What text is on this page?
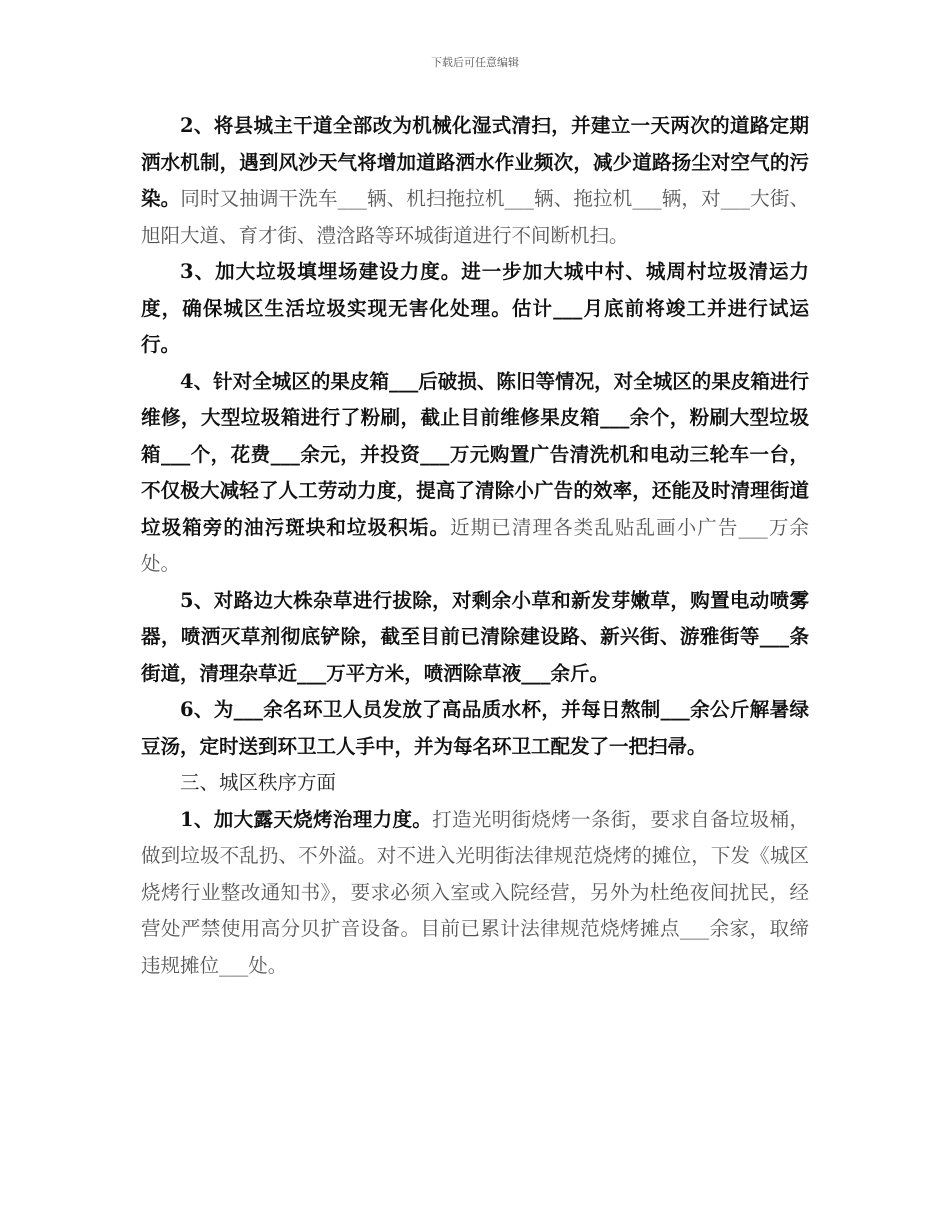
下载后可任意编辑

2、将县城主干道全部改为机械化湿式清扫，并建立一天两次的道路定期洒水机制，遇到风沙天气将增加道路洒水作业频次，减少道路扬尘对空气的污染。同时又抽调干洗车___辆、机扫拖拉机___辆、拖拉机___辆，对___大街、旭阳大道、育才街、澧浛路等环城街道进行不间断机扫。

3、加大垃圾填埋场建设力度。进一步加大城中村、城周村垃圾清运力度，确保城区生活垃圾实现无害化处理。估计___月底前将竣工并进行试运行。

4、针对全城区的果皮箱___后破损、陈旧等情况，对全城区的果皮箱进行维修，大型垃圾箱进行了粉刷，截止目前维修果皮箱___余个，粉刷大型垃圾箱___个，花费___余元，并投资___万元购置广告清洗机和电动三轮车一台，不仅极大减轻了人工劳动力度，提高了清除小广告的效率，还能及时清理街道垃圾箱旁的油污斑块和垃圾积垢。近期已清理各类乱贴乱画小广告___万余处。

5、对路边大株杂草进行拔除，对剩余小草和新发芽嫩草，购置电动喷雾器，喷洒灭草剂彻底铲除，截至目前已清除建设路、新兴街、游雅街等___条街道，清理杂草近___万平方米，喷洒除草液___余斤。

6、为___余名环卫人员发放了高品质水杯，并每日熬制___余公斤解暑绿豆汤，定时送到环卫工人手中，并为每名环卫工配发了一把扫帚。

三、城区秩序方面

1、加大露天烧烤治理力度。打造光明街烧烤一条街，要求自备垃圾桶，做到垃圾不乱扔、不外溢。对不进入光明街法律规范烧烤的摊位，下发《城区烧烤行业整改通知书》，要求必须入室或入院经营，另外为杜绝夜间扰民，经营处严禁使用高分贝扩音设备。目前已累计法律规范烧烤摊点___余家，取缔违规摊位___处。
